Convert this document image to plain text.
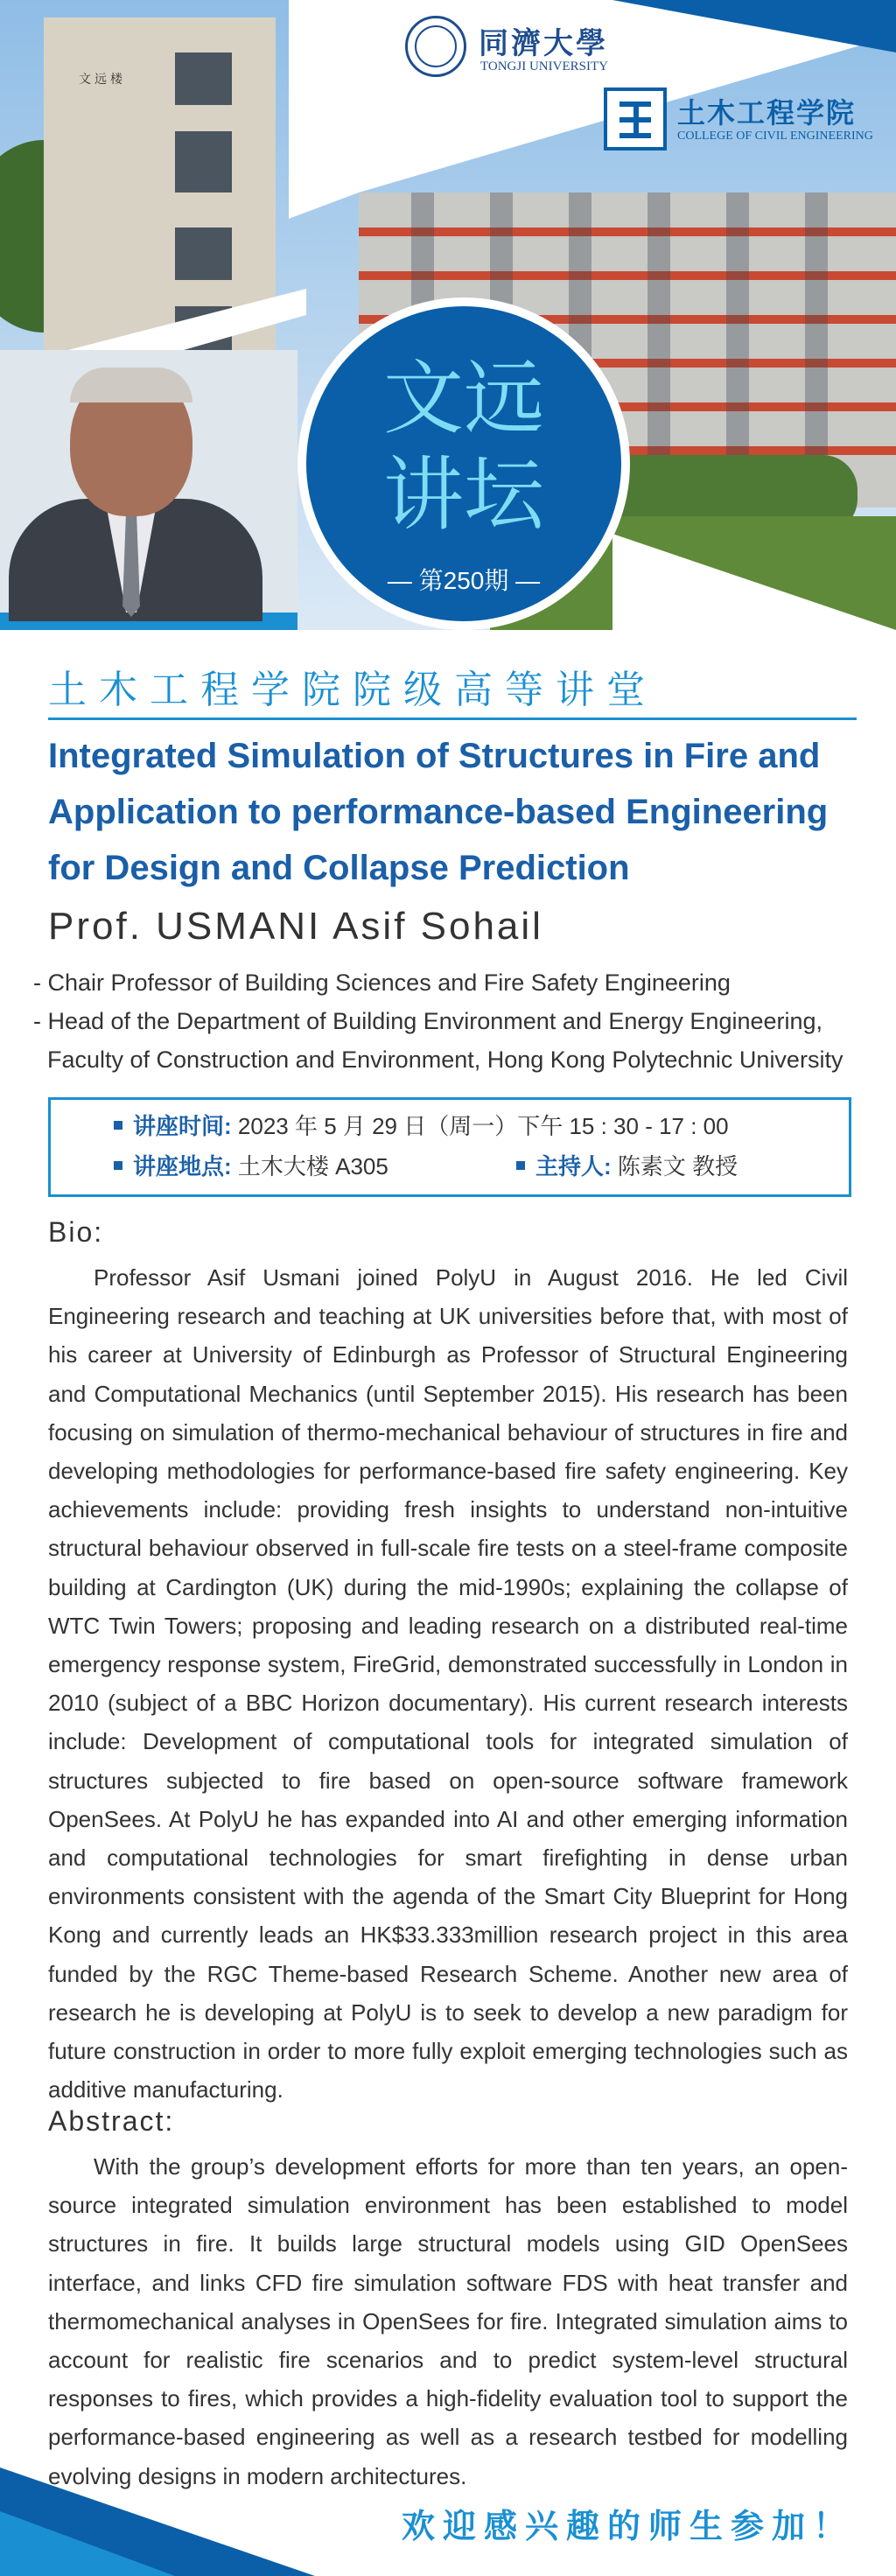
文远楼
文远
讲坛
— 第250期 —
同濟大學
TONGJI UNIVERSITY
土木工程学院
COLLEGE OF CIVIL ENGINEERING
土木工程学院院级高等讲堂
Integrated Simulation of Structures in Fire and Application to performance-based Engineering for Design and Collapse Prediction
Prof. USMANI Asif Sohail
- Chair Professor of Building Sciences and Fire Safety Engineering
- Head of the Department of Building Environment and Energy Engineering,
Faculty of Construction and Environment, Hong Kong Polytechnic University
讲座时间: 2023 年 5 月 29 日（周一）下午 15 : 30 - 17 : 00
讲座地点: 土木大楼 A305	主持人: 陈素文 教授
Bio:

Professor Asif Usmani joined PolyU in August 2016. He led Civil Engineering research and teaching at UK universities before that, with most of his career at University of Edinburgh as Professor of Structural Engineering and Computational Mechanics (until September 2015). His research has been focusing on simulation of thermo-mechanical behaviour of structures in fire and developing methodologies for performance-based fire safety engineering. Key achievements include: providing fresh insights to understand non-intuitive structural behaviour observed in full-scale fire tests on a steel-frame composite building at Cardington (UK) during the mid-1990s; explaining the collapse of WTC Twin Towers; proposing and leading research on a distributed real-time emergency response system, FireGrid, demonstrated successfully in London in 2010 (subject of a BBC Horizon documentary). His current research interests include: Development of computational tools for integrated simulation of structures subjected to fire based on open-source software framework OpenSees. At PolyU he has expanded into AI and other emerging information and computational technologies for smart firefighting in dense urban environments consistent with the agenda of the Smart City Blueprint for Hong Kong and currently leads an HK$33.333million research project in this area funded by the RGC Theme-based Research Scheme. Another new area of research he is developing at PolyU is to seek to develop a new paradigm for future construction in order to more fully exploit emerging technologies such as additive manufacturing.

Abstract:

With the group’s development efforts for more than ten years, an open-source integrated simulation environment has been established to model structures in fire. It builds large structural models using GID OpenSees interface, and links CFD fire simulation software FDS with heat transfer and thermomechanical analyses in OpenSees for fire. Integrated simulation aims to account for realistic fire scenarios and to predict system-level structural responses to fires, which provides a high-fidelity evaluation tool to support the performance-based engineering as well as a research testbed for modelling evolving designs in modern architectures.

欢迎感兴趣的师生参加！
